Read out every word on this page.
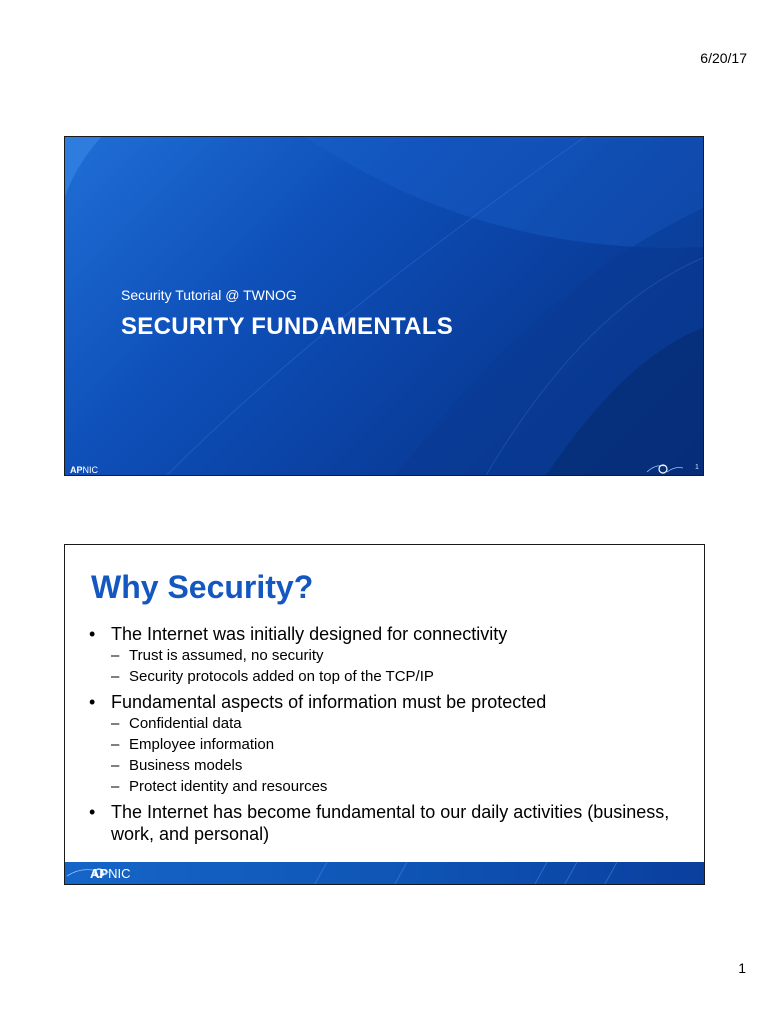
6/20/17
Security Tutorial @ TWNOG
SECURITY FUNDAMENTALS
APNIC	1
Why Security?
• The Internet was initially designed for connectivity
– Trust is assumed, no security
– Security protocols added on top of the TCP/IP
• Fundamental aspects of information must be protected
– Confidential data
– Employee information
– Business models
– Protect identity and resources
• The Internet has become fundamental to our daily activities (business, work, and personal)
APNIC
1
